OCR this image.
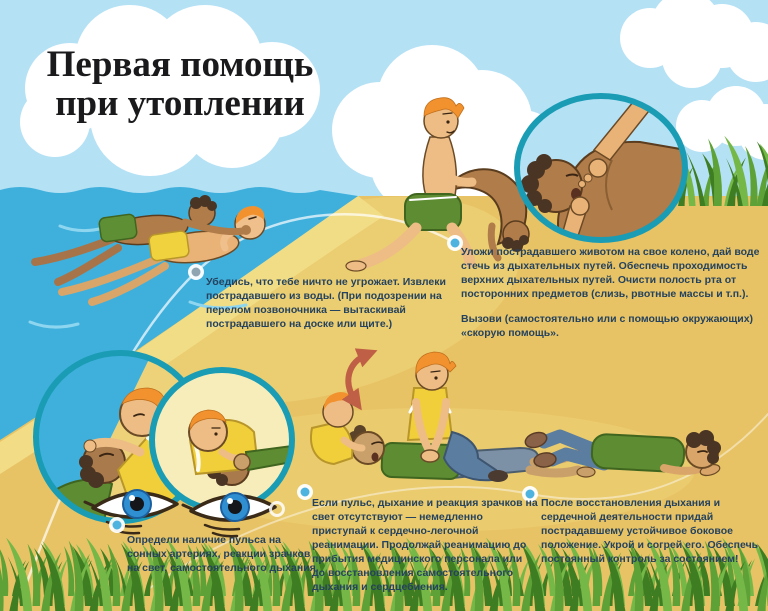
Первая помощь
при утоплении
Убедись, что тебе ничто не угрожает. Извлеки пострадавшего из воды. (При подозрении на перелом позвоночника — вытаскивай пострадавшего на доске или щите.)

Уложи пострадавшего животом на свое колено, дай воде стечь из дыхательных путей. Обеспечь проходимость верхних дыхательных путей. Очисти полость рта от посторонних предметов (слизь, рвотные массы и т.п.).

Вызови (самостоятельно или с помощью окружающих) «скорую помощь».

Определи наличие пульса на сонных артериях, реакции зрачков на свет, самостоятельного дыхания.
Если пульс, дыхание и реакция зрачков на свет отсутствуют — немедленно приступай к сердечно-легочной реанимации. Продолжай реанимацию до прибытия медицинского персонала или до восстановления самостоятельного дыхания и сердцебиения.
После восстановления дыхания и сердечной деятельности придай пострадавшему устойчивое боковое положение. Укрой и согрей его. Обеспечь постоянный контроль за состоянием!
